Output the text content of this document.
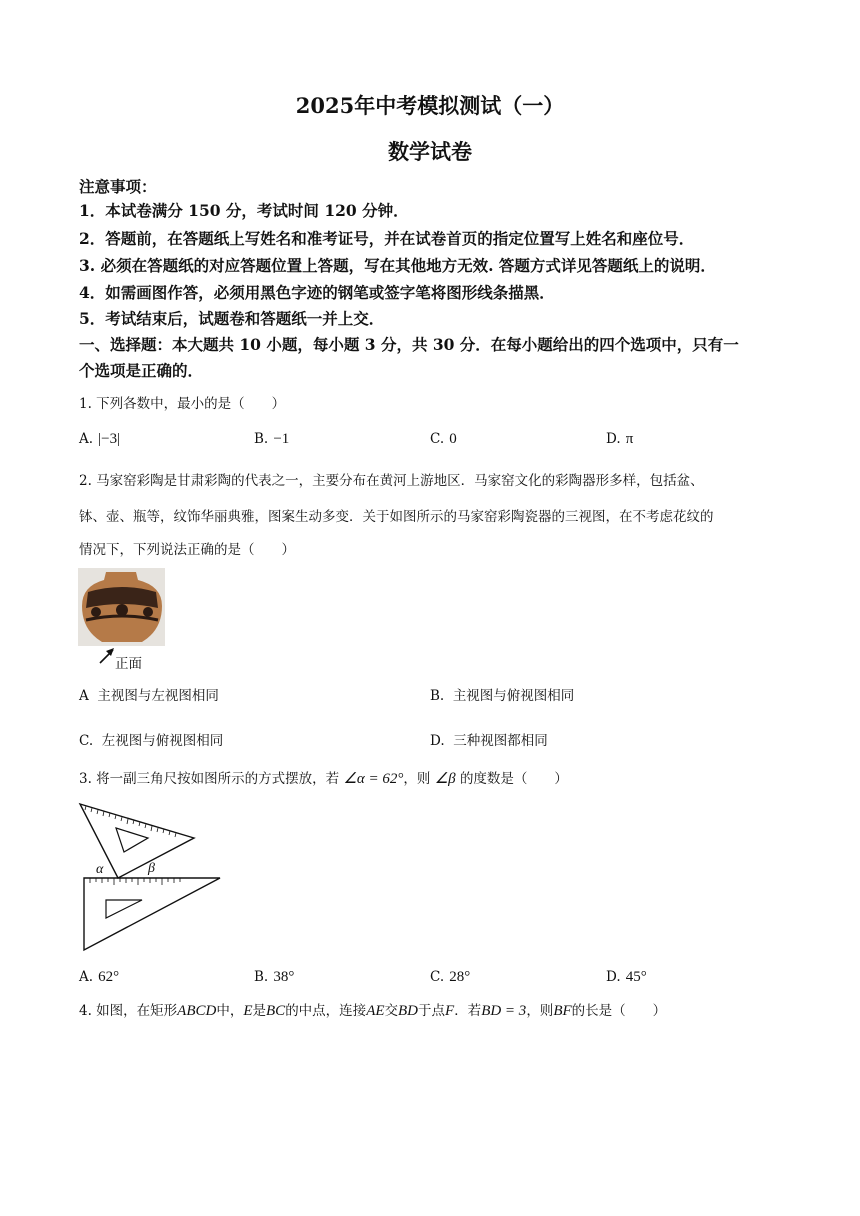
2025年中考模拟测试（一）
数学试卷
注意事项：
1．本试卷满分 150 分，考试时间 120 分钟．
2．答题前，在答题纸上写姓名和准考证号，并在试卷首页的指定位置写上姓名和座位号．
3. 必须在答题纸的对应答题位置上答题，写在其他地方无效. 答题方式详见答题纸上的说明．
4．如需画图作答，必须用黑色字迹的钢笔或签字笔将图形线条描黑．
5．考试结束后，试题卷和答题纸一并上交．
一、选择题：本大题共 10 小题，每小题 3 分，共 30 分．在每小题给出的四个选项中，只有一
个选项是正确的．
1. 下列各数中，最小的是（　　）
A. |−3|	B. −1	C. 0	D. π
2. 马家窑彩陶是甘肃彩陶的代表之一，主要分布在黄河上游地区．马家窑文化的彩陶器形多样，包括盆、
钵、壶、瓶等，纹饰华丽典雅，图案生动多变．关于如图所示的马家窑彩陶瓷器的三视图，在不考虑花纹的
情况下，下列说法正确的是（　　）
正面
A 主视图与左视图相同	B. 主视图与俯视图相同
C. 左视图与俯视图相同	D. 三种视图都相同
3. 将一副三角尺按如图所示的方式摆放，若 ∠α = 62°，则 ∠β 的度数是（　　）
α	β
A. 62°	B. 38°	C. 28°	D. 45°
4. 如图，在矩形ABCD中，E是BC的中点，连接AE交BD于点F．若BD = 3，则BF的长是（　　）
